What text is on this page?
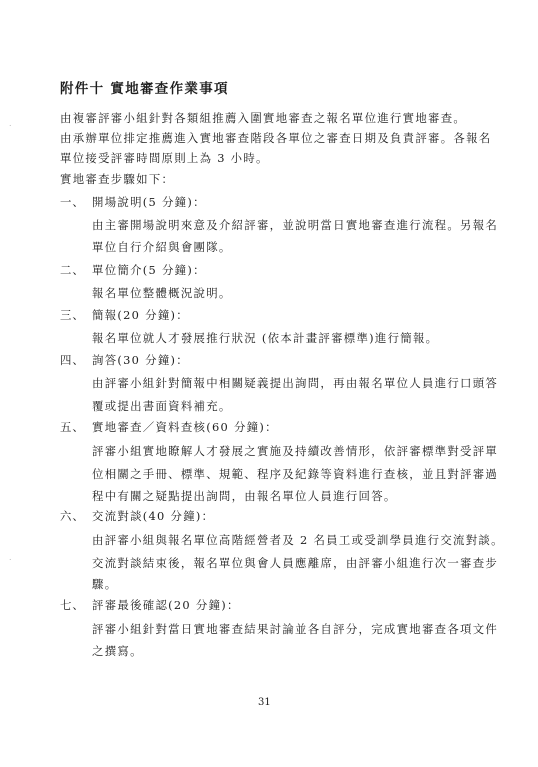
附件十 實地審查作業事項
由複審評審小組針對各類組推薦入圍實地審查之報名單位進行實地審查。
由承辦單位排定推薦進入實地審查階段各單位之審查日期及負責評審。各報名
單位接受評審時間原則上為 3 小時。
實地審查步驟如下：
一、 開場說明(5 分鐘)：
由主審開場說明來意及介紹評審，並說明當日實地審查進行流程。另報名
單位自行介紹與會團隊。
二、 單位簡介(5 分鐘)：
報名單位整體概況說明。
三、 簡報(20 分鐘)：
報名單位就人才發展推行狀況 (依本計畫評審標準)進行簡報。
四、 詢答(30 分鐘)：
由評審小組針對簡報中相關疑義提出詢問，再由報名單位人員進行口頭答
覆或提出書面資料補充。
五、 實地審查／資料查核(60 分鐘)：
評審小組實地瞭解人才發展之實施及持續改善情形，依評審標準對受評單
位相關之手冊、標準、規範、程序及紀錄等資料進行查核，並且對評審過
程中有關之疑點提出詢問，由報名單位人員進行回答。
六、 交流對談(40 分鐘)：
由評審小組與報名單位高階經營者及 2 名員工或受訓學員進行交流對談。
交流對談結束後，報名單位與會人員應離席，由評審小組進行次一審查步
驟。
七、 評審最後確認(20 分鐘)：
評審小組針對當日實地審查結果討論並各自評分，完成實地審查各項文件
之撰寫。
31
˙
˙
